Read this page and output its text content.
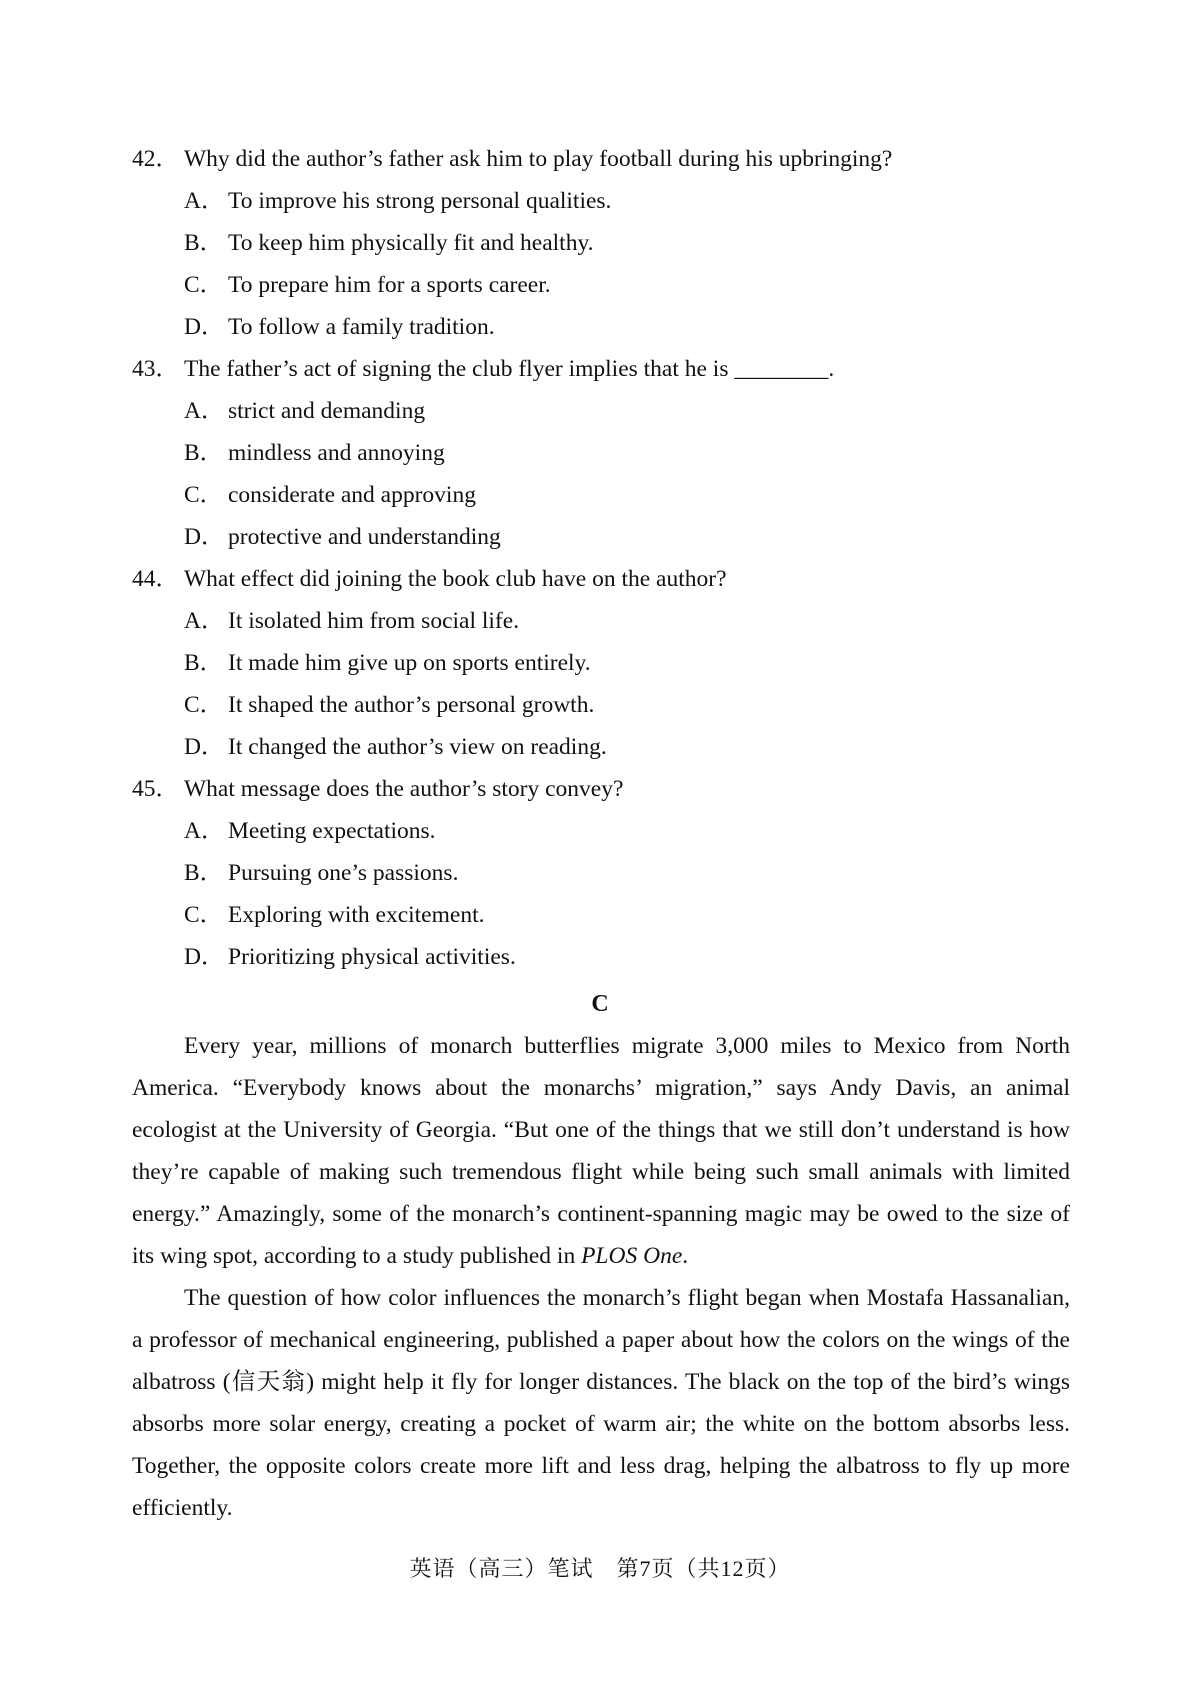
42． Why did the author’s father ask him to play football during his upbringing?
A． To improve his strong personal qualities.
B． To keep him physically fit and healthy.
C． To prepare him for a sports career.
D． To follow a family tradition.
43． The father’s act of signing the club flyer implies that he is ________.
A． strict and demanding
B． mindless and annoying
C． considerate and approving
D． protective and understanding
44． What effect did joining the book club have on the author?
A． It isolated him from social life.
B． It made him give up on sports entirely.
C． It shaped the author’s personal growth.
D． It changed the author’s view on reading.
45． What message does the author’s story convey?
A． Meeting expectations.
B． Pursuing one’s passions.
C． Exploring with excitement.
D． Prioritizing physical activities.
C

Every year, millions of monarch butterflies migrate 3,000 miles to Mexico from North America. “Everybody knows about the monarchs’ migration,” says Andy Davis, an animal ecologist at the University of Georgia. “But one of the things that we still don’t understand is how they’re capable of making such tremendous flight while being such small animals with limited energy.” Amazingly, some of the monarch’s continent-spanning magic may be owed to the size of its wing spot, according to a study published in PLOS One.

The question of how color influences the monarch’s flight began when Mostafa Hassanalian, a professor of mechanical engineering, published a paper about how the colors on the wings of the albatross (信天翁) might help it fly for longer distances. The black on the top of the bird’s wings absorbs more solar energy, creating a pocket of warm air; the white on the bottom absorbs less. Together, the opposite colors create more lift and less drag, helping the albatross to fly up more efficiently.

英语（高三）笔试　第7页（共12页）
